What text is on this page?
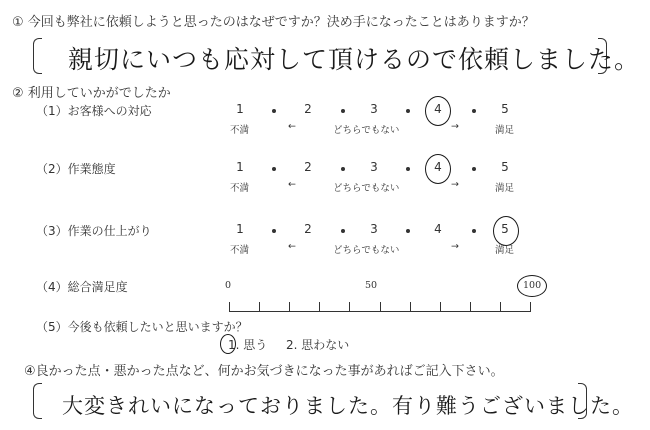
① 今回も弊社に依頼しようと思ったのはなぜですか？決め手になったことはありますか？
親切にいつも応対して頂けるので依頼しました。
② 利用していかがでしたか
（1）お客様への対応	1	2	3	4	5
不満	←	どちらでもない	→	満足
（2）作業態度	1	2	3	4	5
不満	←	どちらでもない	→	満足
（3）作業の仕上がり	1	2	3	4	5
不満	←	どちらでもない	→	満足
（4）総合満足度	0	50	100
（5）今後も依頼したいと思いますか？
1. 思う 2. 思わない
④良かった点・悪かった点など、何かお気づきになった事があればご記入下さい。
大変きれいになっておりました。有り難うございました。
